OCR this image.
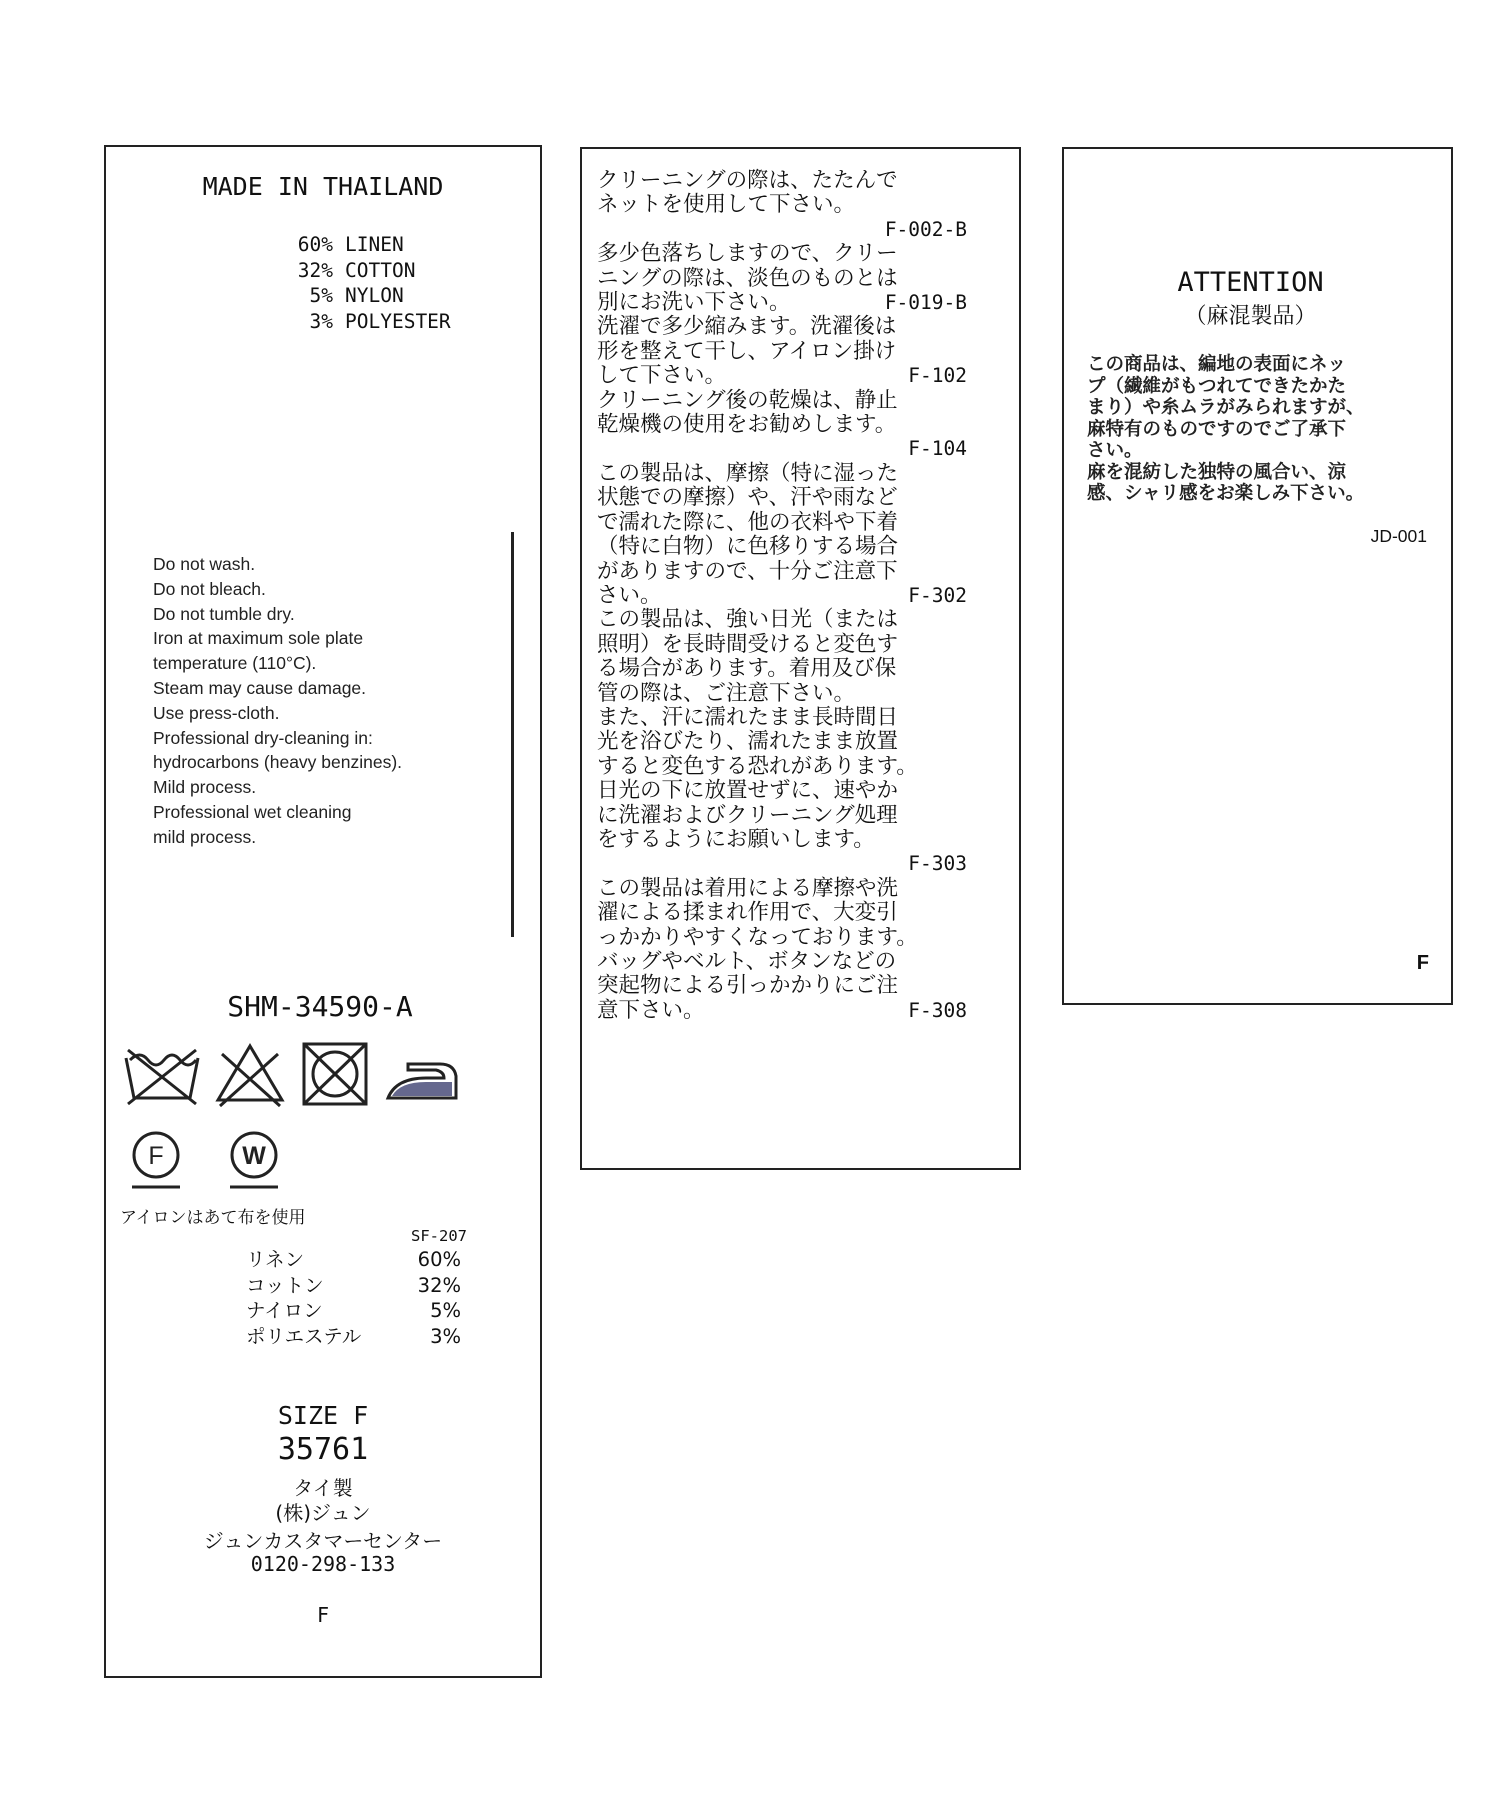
MADE IN THAILAND
60% LINEN
32% COTTON
5% NYLON
3% POLYESTER
Do not wash.
Do not bleach.
Do not tumble dry.
Iron at maximum sole plate
temperature (110°C).
Steam may cause damage.
Use press-cloth.
Professional dry-cleaning in:
hydrocarbons (heavy benzines).
Mild process.
Professional wet cleaning
mild process.
SHM-34590-A
F	W
アイロンはあて布を使用
SF-207
リネン	60%
コットン	32%
ナイロン	5%
ポリエステル	3%
SIZE F
35761
タイ製
(株)ジュン
ジュンカスタマーセンター
0120-298-133
F
クリーニングの際は、たたんで
ネットを使用して下さい。
F-002-B
多少色落ちしますので、クリー
ニングの際は、淡色のものとは
別にお洗い下さい。	F-019-B
洗濯で多少縮みます。洗濯後は
形を整えて干し、アイロン掛け
して下さい。	F-102
クリーニング後の乾燥は、静止
乾燥機の使用をお勧めします。
F-104
この製品は、摩擦（特に湿った
状態での摩擦）や、汗や雨など
で濡れた際に、他の衣料や下着
（特に白物）に色移りする場合
がありますので、十分ご注意下
さい。	F-302
この製品は、強い日光（または
照明）を長時間受けると変色す
る場合があります。着用及び保
管の際は、ご注意下さい。
また、汗に濡れたまま長時間日
光を浴びたり、濡れたまま放置
すると変色する恐れがあります。
日光の下に放置せずに、速やか
に洗濯およびクリーニング処理
をするようにお願いします。
F-303
この製品は着用による摩擦や洗
濯による揉まれ作用で、大変引
っかかりやすくなっております。
バッグやベルト、ボタンなどの
突起物による引っかかりにご注
意下さい。	F-308
ATTENTION
（麻混製品）
この商品は、編地の表面にネッ
プ（繊維がもつれてできたかた
まり）や糸ムラがみられますが、
麻特有のものですのでご了承下
さい。
麻を混紡した独特の風合い、涼
感、シャリ感をお楽しみ下さい。
JD-001
F
